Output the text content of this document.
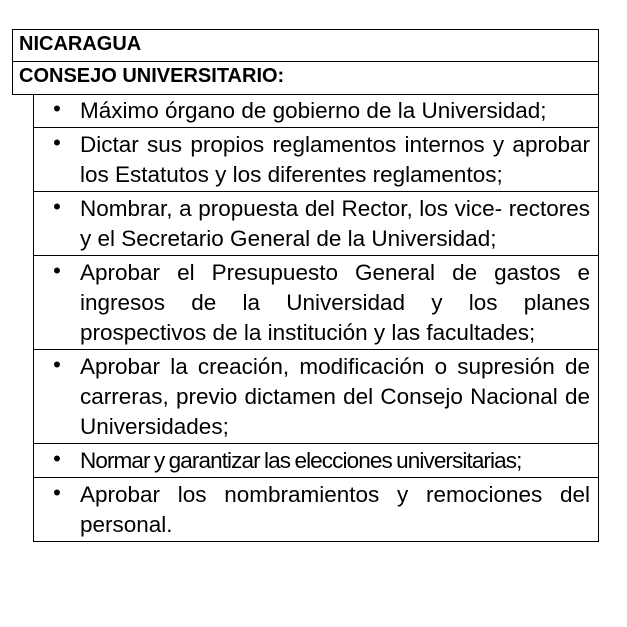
NICARAGUA
CONSEJO UNIVERSITARIO:
• Máximo órgano de gobierno de la Universidad;
• Dictar sus propios reglamentos internos y aprobar los Estatutos y los diferentes reglamentos;
• Nombrar, a propuesta del Rector, los vice- rectores y el Secretario General de la Universidad;
• Aprobar el Presupuesto General de gastos e ingresos de la Universidad y los planes prospectivos de la institución y las facultades;
• Aprobar la creación, modificación o supresión de carreras, previo dictamen del Consejo Nacional de Universidades;
• Normar y garantizar las elecciones universitarias;
• Aprobar los nombramientos y remociones del personal.
